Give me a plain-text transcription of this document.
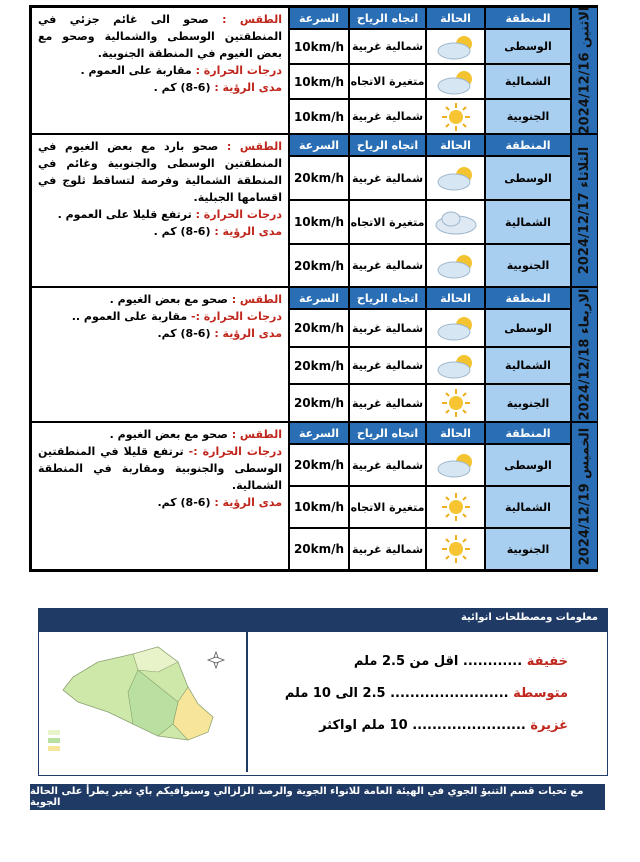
الاثنين 2024/12/16
المنطقة
الحالة
اتجاه الرياح
السرعة
الوسطى
شمالية غربية
10km/h
الشمالية
متغيرة الاتجاه
10km/h
الجنوبية
شمالية غربية
10km/h
الطقس : صحو الى غائم جزئي في المنطقتين الوسطى والشمالية وصحو مع بعض الغيوم في المنطقة الجنوبية.
درجات الحرارة : مقاربة على العموم .
مدى الرؤية : (6-8) كم .
الثلاثاء 2024/12/17
المنطقة
الحالة
اتجاه الرياح
السرعة
الوسطى
شمالية غربية
20km/h
الشمالية
متغيرة الاتجاه
10km/h
الجنوبية
شمالية غربية
20km/h
الطقس : صحو بارد مع بعض الغيوم في المنطقتين الوسطى والجنوبية وغائم في المنطقة الشمالية وفرصة لتساقط ثلوج في اقسامها الجبلية.
درجات الحرارة : ترتفع قليلا على العموم .
مدى الرؤية : (6-8) كم .
الاربعاء 2024/12/18
المنطقة
الحالة
اتجاه الرياح
السرعة
الوسطى
شمالية غربية
20km/h
الشمالية
شمالية غربية
20km/h
الجنوبية
شمالية غربية
20km/h
الطقس : صحو مع بعض الغيوم .
درجات الحرارة :- مقاربة على العموم ..
مدى الرؤية : (6-8) كم.
الخميس 2024/12/19
المنطقة
الحالة
اتجاه الرياح
السرعة
الوسطى
شمالية غربية
20km/h
الشمالية
متغيرة الاتجاه
10km/h
الجنوبية
شمالية غربية
20km/h
الطقس : صحو مع بعض الغيوم .
درجات الحرارة :- ترتفع قليلا في المنطقتين الوسطى والجنوبية ومقاربة في المنطقة الشمالية.
مدى الرؤية : (6-8) كم.
معلومات ومصطلحات انوائية
خفيفة ............ اقل من 2.5 ملم
متوسطة ........................ 2.5 الى 10 ملم
غزيرة ....................... 10 ملم اواكثر
مع تحيات قسم التنبؤ الجوي في الهيئة العامة للانواء الجوية والرصد الزلزالي وسنوافيكم باي تغير يطرأ على الحالة الجوية
